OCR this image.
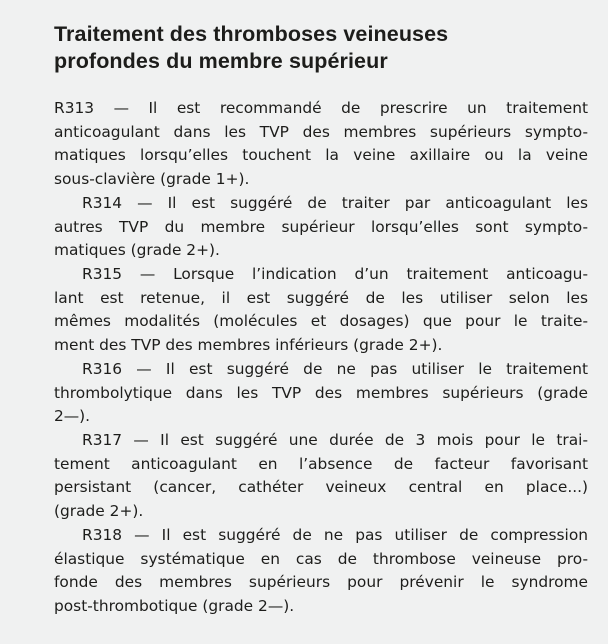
Traitement des thromboses veineuses
profondes du membre supérieur
R313 — Il est recommandé de prescrire un traitement
anticoagulant dans les TVP des membres supérieurs sympto-
matiques lorsqu’elles touchent la veine axillaire ou la veine
sous-clavière (grade 1+).
R314 — Il est suggéré de traiter par anticoagulant les
autres TVP du membre supérieur lorsqu’elles sont sympto-
matiques (grade 2+).
R315 — Lorsque l’indication d’un traitement anticoagu-
lant est retenue, il est suggéré de les utiliser selon les
mêmes modalités (molécules et dosages) que pour le traite-
ment des TVP des membres inférieurs (grade 2+).
R316 — Il est suggéré de ne pas utiliser le traitement
thrombolytique dans les TVP des membres supérieurs (grade
2—).
R317 — Il est suggéré une durée de 3 mois pour le trai-
tement anticoagulant en l’absence de facteur favorisant
persistant (cancer, cathéter veineux central en place...)
(grade 2+).
R318 — Il est suggéré de ne pas utiliser de compression
élastique systématique en cas de thrombose veineuse pro-
fonde des membres supérieurs pour prévenir le syndrome
post-thrombotique (grade 2—).
